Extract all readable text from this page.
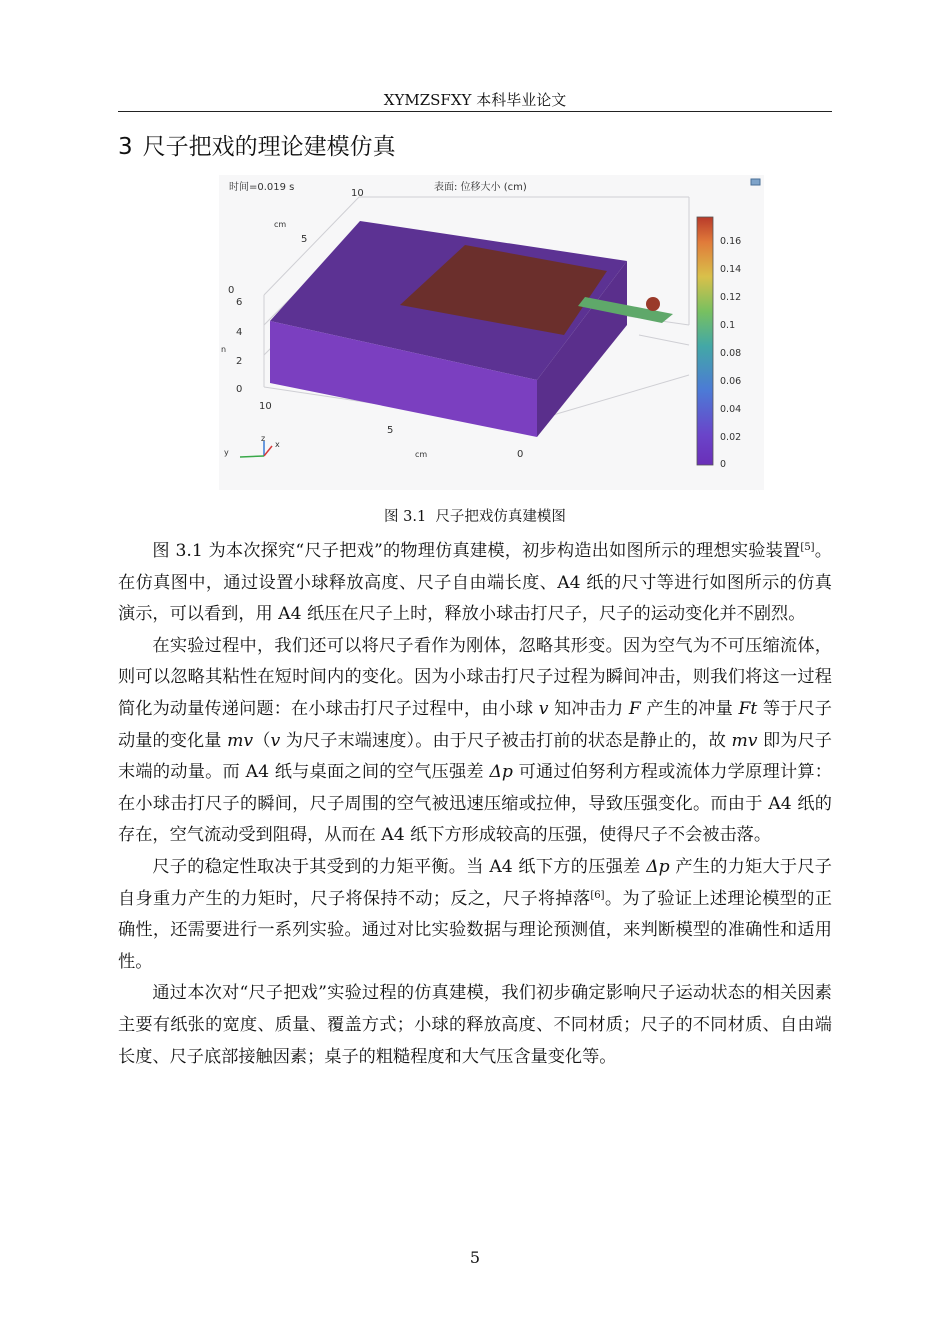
XYMZSFXY 本科毕业论文
3 尺子把戏的理论建模仿真
时间=0.019 s	表面: 位移大小 (cm)
10
cm
5
0
6
4
n
2
0
10
5
cm	0
z
x
y
0.16
0.14
0.12
0.1
0.08
0.06
0.04
0.02
0
图 3.1 尺子把戏仿真建模图

图 3.1 为本次探究“尺子把戏”的物理仿真建模，初步构造出如图所示的理想实验装置[5]。在仿真图中，通过设置小球释放高度、尺子自由端长度、A4 纸的尺寸等进行如图所示的仿真演示，可以看到，用 A4 纸压在尺子上时，释放小球击打尺子，尺子的运动变化并不剧烈。

在实验过程中，我们还可以将尺子看作为刚体，忽略其形变。因为空气为不可压缩流体，则可以忽略其粘性在短时间内的变化。因为小球击打尺子过程为瞬间冲击，则我们将这一过程简化为动量传递问题：在小球击打尺子过程中，由小球 v 知冲击力 F 产生的冲量 Ft 等于尺子动量的变化量 mv（v 为尺子末端速度）。由于尺子被击打前的状态是静止的，故 mv 即为尺子末端的动量。而 A4 纸与桌面之间的空气压强差 Δp 可通过伯努利方程或流体力学原理计算：在小球击打尺子的瞬间，尺子周围的空气被迅速压缩或拉伸，导致压强变化。而由于 A4 纸的存在，空气流动受到阻碍，从而在 A4 纸下方形成较高的压强，使得尺子不会被击落。

尺子的稳定性取决于其受到的力矩平衡。当 A4 纸下方的压强差 Δp 产生的力矩大于尺子自身重力产生的力矩时，尺子将保持不动；反之，尺子将掉落[6]。为了验证上述理论模型的正确性，还需要进行一系列实验。通过对比实验数据与理论预测值，来判断模型的准确性和适用性。

通过本次对“尺子把戏”实验过程的仿真建模，我们初步确定影响尺子运动状态的相关因素主要有纸张的宽度、质量、覆盖方式；小球的释放高度、不同材质；尺子的不同材质、自由端长度、尺子底部接触因素；桌子的粗糙程度和大气压含量变化等。

5
